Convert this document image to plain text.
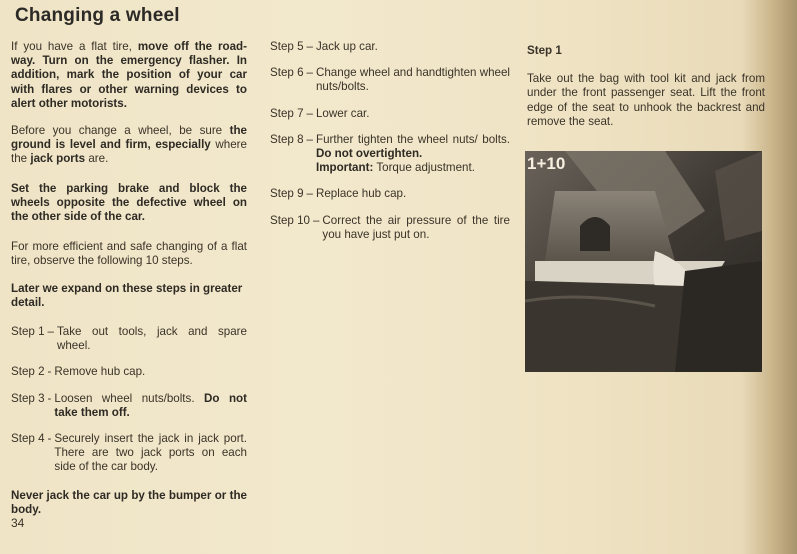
Changing a wheel

If you have a flat tire, move off the road-way. Turn on the emergency flasher. In addition, mark the position of your car with flares or other warning devices to alert other motorists.

Before you change a wheel, be sure the ground is level and firm, especially where the jack ports are.

Set the parking brake and block the wheels opposite the defective wheel on the other side of the car.

For more efficient and safe changing of a flat tire, observe the following 10 steps.

Later we expand on these steps in greater detail.

Step 1 – Take out tools, jack and spare wheel.
Step 2 - Remove hub cap.
Step 3 - Loosen wheel nuts/bolts. Do not take them off.
Step 4 - Securely insert the jack in jack port. There are two jack ports on each side of the car body.

Never jack the car up by the bumper or the body.

Step 5 – Jack up car.
Step 6 – Change wheel and handtighten wheel nuts/bolts.
Step 7 – Lower car.
Step 8 – Further tighten the wheel nuts/ bolts. Do not overtighten.
Important: Torque adjustment.
Step 9 – Replace hub cap.
Step 10 – Correct the air pressure of the tire you have just put on.
Step 1

Take out the bag with tool kit and jack from under the front passenger seat. Lift the front edge of the seat to unhook the backrest and remove the seat.

1+10
34
